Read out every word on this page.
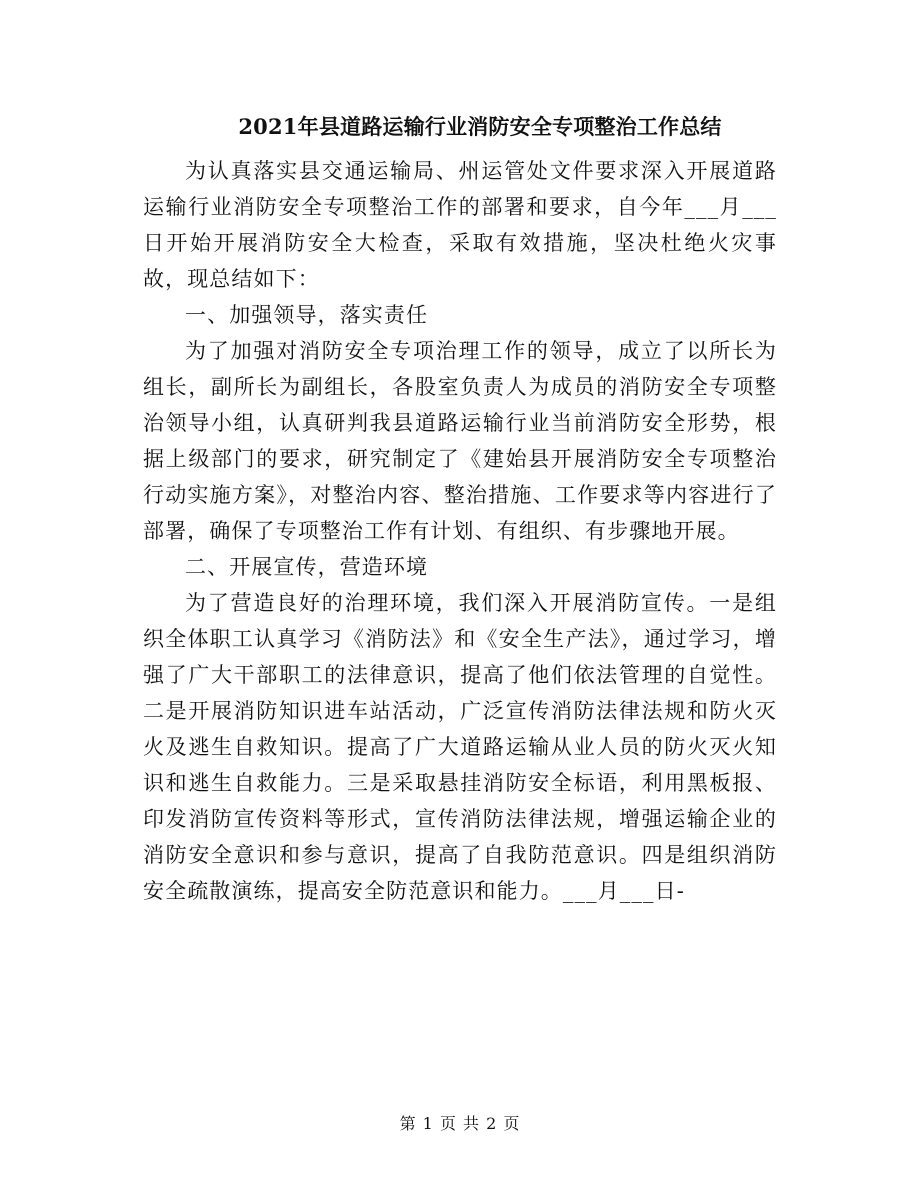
2021年县道路运输行业消防安全专项整治工作总结

为认真落实县交通运输局、州运管处文件要求深入开展道路运输行业消防安全专项整治工作的部署和要求，自今年___月___日开始开展消防安全大检查，采取有效措施，坚决杜绝火灾事故，现总结如下：

一、加强领导，落实责任

为了加强对消防安全专项治理工作的领导，成立了以所长为组长，副所长为副组长，各股室负责人为成员的消防安全专项整治领导小组，认真研判我县道路运输行业当前消防安全形势，根据上级部门的要求，研究制定了《建始县开展消防安全专项整治行动实施方案》，对整治内容、整治措施、工作要求等内容进行了部署，确保了专项整治工作有计划、有组织、有步骤地开展。

二、开展宣传，营造环境

为了营造良好的治理环境，我们深入开展消防宣传。一是组织全体职工认真学习《消防法》和《安全生产法》，通过学习，增强了广大干部职工的法律意识，提高了他们依法管理的自觉性。二是开展消防知识进车站活动，广泛宣传消防法律法规和防火灭火及逃生自救知识。提高了广大道路运输从业人员的防火灭火知识和逃生自救能力。三是采取悬挂消防安全标语，利用黑板报、印发消防宣传资料等形式，宣传消防法律法规，增强运输企业的消防安全意识和参与意识，提高了自我防范意识。四是组织消防安全疏散演练，提高安全防范意识和能力。___月___日-

第 1 页 共 2 页
